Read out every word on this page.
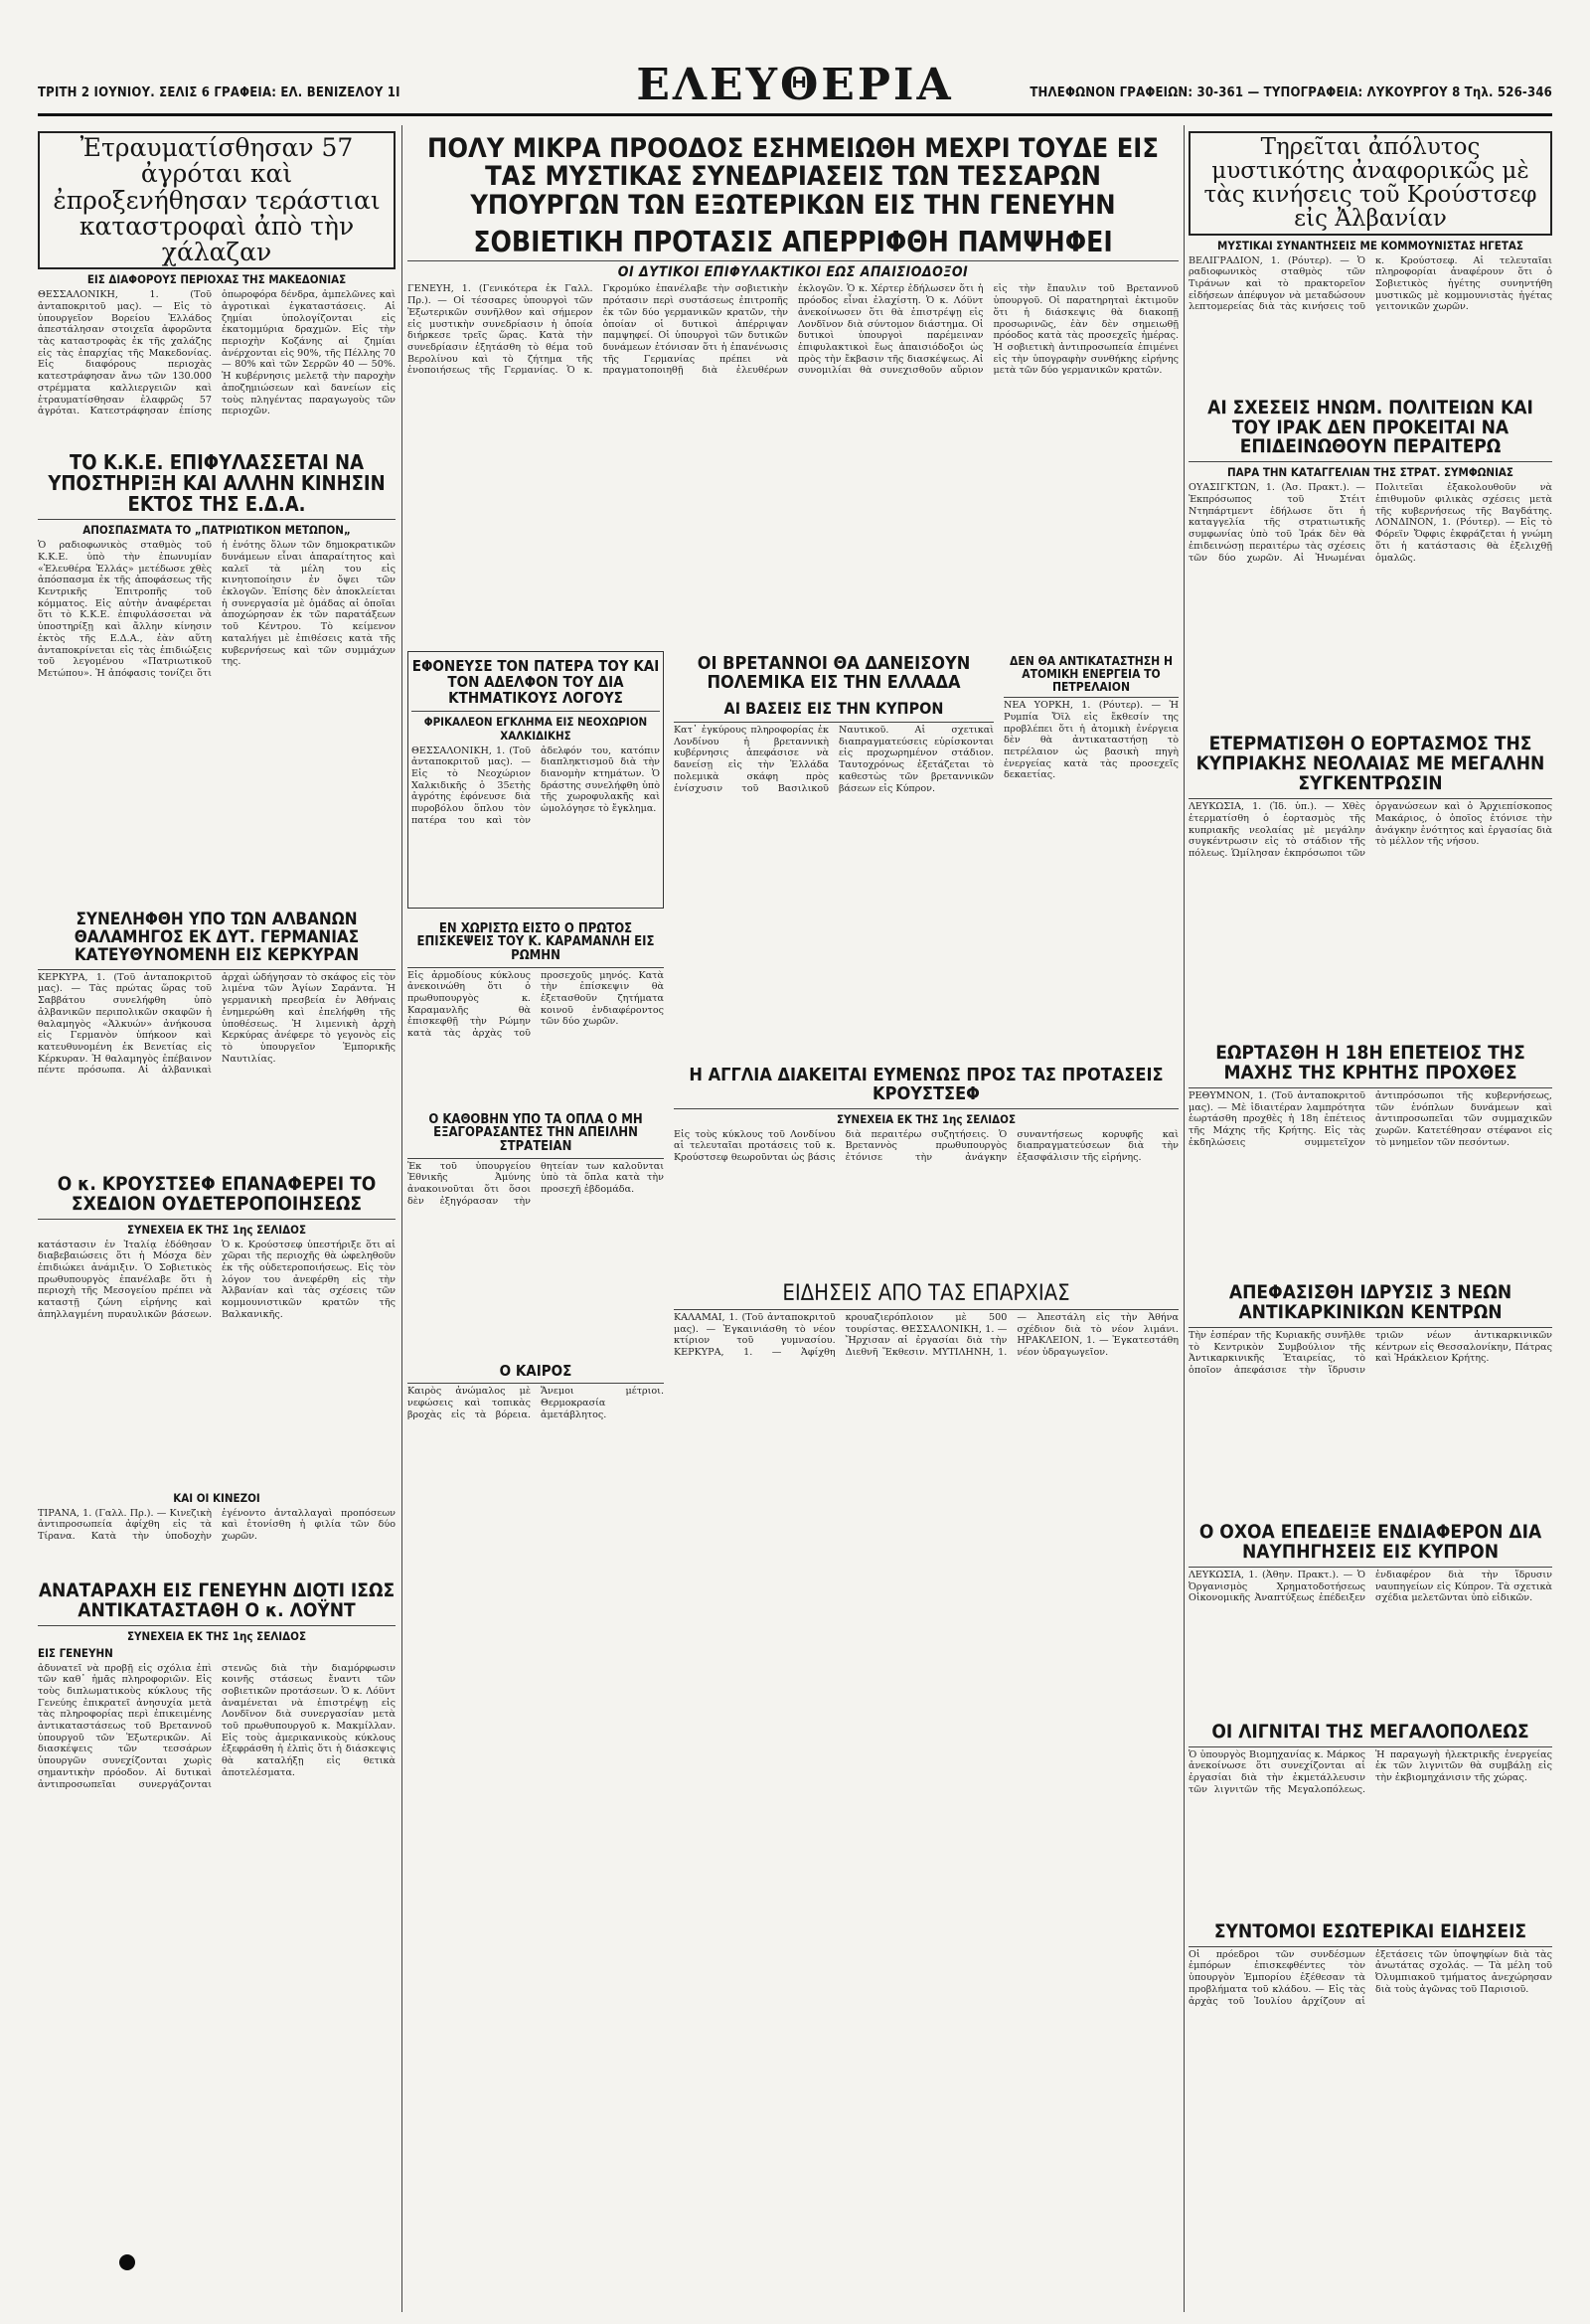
ΤΡΙΤΗ 2 ΙΟΥΝΙΟΥ. ΣΕΛΙΣ 6 ΓΡΑΦΕΙΑ: ΕΛ. ΒΕΝΙΖΕΛΟΥ 1Ι	ΕΛΕΥΘΕΡΙΑ	ΤΗΛΕΦΩΝΟΝ ΓΡΑΦΕΙΩΝ: 30-361 — ΤΥΠΟΓΡΑΦΕΙΑ: ΛΥΚΟΥΡΓΟΥ 8 Τηλ. 526-346
Ἐτραυματίσθησαν 57 ἀγρόται καὶ ἐπροξενήθησαν τεράστιαι καταστροφαὶ ἀπὸ τὴν χάλαζαν
ΕΙΣ ΔΙΑΦΟΡΟΥΣ ΠΕΡΙΟΧΑΣ ΤΗΣ ΜΑΚΕΔΟΝΙΑΣ

ΘΕΣΣΑΛΟΝΙΚΗ, 1. (Τοῦ ἀνταποκριτοῦ μας). — Εἰς τὸ ὑπουργεῖον Βορείου Ἑλλάδος ἀπεστάλησαν στοιχεῖα ἀφορῶντα τὰς καταστροφὰς ἐκ τῆς χαλάζης εἰς τὰς ἐπαρχίας τῆς Μακεδονίας. Εἰς διαφόρους περιοχὰς κατεστράφησαν ἄνω τῶν 130.000 στρέμματα καλλιεργειῶν καὶ ἐτραυματίσθησαν ἐλαφρῶς 57 ἀγρόται. Κατεστράφησαν ἐπίσης ὀπωροφόρα δένδρα, ἀμπελῶνες καὶ ἀγροτικαὶ ἐγκαταστάσεις. Αἱ ζημίαι ὑπολογίζονται εἰς ἑκατομμύρια δραχμῶν. Εἰς τὴν περιοχὴν Κοζάνης αἱ ζημίαι ἀνέρχονται εἰς 90%, τῆς Πέλλης 70 — 80% καὶ τῶν Σερρῶν 40 — 50%. Ἡ κυβέρνησις μελετᾷ τὴν παροχὴν ἀποζημιώσεων καὶ δανείων εἰς τοὺς πληγέντας παραγωγοὺς τῶν περιοχῶν.

ΤΟ Κ.Κ.Ε. ΕΠΙΦΥΛΑΣΣΕΤΑΙ ΝΑ ΥΠΟΣΤΗΡΙΞΗ ΚΑΙ ΑΛΛΗΝ ΚΙΝΗΣΙΝ ΕΚΤΟΣ ΤΗΣ Ε.Δ.Α.
ΑΠΟΣΠΑΣΜΑΤΑ ΤΟ „ΠΑΤΡΙΩΤΙΚΟΝ ΜΕΤΩΠΟΝ„

Ὁ ραδιοφωνικὸς σταθμὸς τοῦ Κ.Κ.Ε. ὑπὸ τὴν ἐπωνυμίαν «Ἐλευθέρα Ἑλλάς» μετέδωσε χθὲς ἀπόσπασμα ἐκ τῆς ἀποφάσεως τῆς Κεντρικῆς Ἐπιτροπῆς τοῦ κόμματος. Εἰς αὐτὴν ἀναφέρεται ὅτι τὸ Κ.Κ.Ε. ἐπιφυλάσσεται νὰ ὑποστηρίξῃ καὶ ἄλλην κίνησιν ἐκτὸς τῆς Ε.Δ.Α., ἐὰν αὕτη ἀνταποκρίνεται εἰς τὰς ἐπιδιώξεις τοῦ λεγομένου «Πατριωτικοῦ Μετώπου». Ἡ ἀπόφασις τονίζει ὅτι ἡ ἑνότης ὅλων τῶν δημοκρατικῶν δυνάμεων εἶναι ἀπαραίτητος καὶ καλεῖ τὰ μέλη του εἰς κινητοποίησιν ἐν ὄψει τῶν ἐκλογῶν. Ἐπίσης δὲν ἀποκλείεται ἡ συνεργασία μὲ ὁμάδας αἱ ὁποῖαι ἀποχώρησαν ἐκ τῶν παρατάξεων τοῦ Κέντρου. Τὸ κείμενον καταλήγει μὲ ἐπιθέσεις κατὰ τῆς κυβερνήσεως καὶ τῶν συμμάχων της.

ΣΥΝΕΛΗΦΘΗ ΥΠΟ ΤΩΝ ΑΛΒΑΝΩΝ ΘΑΛΑΜΗΓΟΣ ΕΚ ΔΥΤ. ΓΕΡΜΑΝΙΑΣ ΚΑΤΕΥΘΥΝΟΜΕΝΗ ΕΙΣ ΚΕΡΚΥΡΑΝ

ΚΕΡΚΥΡΑ, 1. (Τοῦ ἀνταποκριτοῦ μας). — Τὰς πρώτας ὥρας τοῦ Σαββάτου συνελήφθη ὑπὸ ἀλβανικῶν περιπολικῶν σκαφῶν ἡ θαλαμηγὸς «Ἁλκυών» ἀνήκουσα εἰς Γερμανὸν ὑπήκοον καὶ κατευθυνομένη ἐκ Βενετίας εἰς Κέρκυραν. Ἡ θαλαμηγὸς ἐπέβαινον πέντε πρόσωπα. Αἱ ἀλβανικαὶ ἀρχαὶ ὡδήγησαν τὸ σκάφος εἰς τὸν λιμένα τῶν Ἁγίων Σαράντα. Ἡ γερμανικὴ πρεσβεία ἐν Ἀθήναις ἐνημερώθη καὶ ἐπελήφθη τῆς ὑποθέσεως. Ἡ λιμενικὴ ἀρχὴ Κερκύρας ἀνέφερε τὸ γεγονὸς εἰς τὸ ὑπουργεῖον Ἐμπορικῆς Ναυτιλίας.

Ο κ. ΚΡΟΥΣΤΣΕΦ ΕΠΑΝΑΦΕΡΕΙ ΤΟ ΣΧΕΔΙΟΝ ΟΥΔΕΤΕΡΟΠΟΙΗΣΕΩΣ
ΣΥΝΕΧΕΙΑ ΕΚ ΤΗΣ 1ης ΣΕΛΙΔΟΣ

κατάστασιν ἐν Ἰταλίᾳ ἐδόθησαν διαβεβαιώσεις ὅτι ἡ Μόσχα δὲν ἐπιδιώκει ἀνάμιξιν. Ὁ Σοβιετικὸς πρωθυπουργὸς ἐπανέλαβε ὅτι ἡ περιοχὴ τῆς Μεσογείου πρέπει νὰ καταστῇ ζώνη εἰρήνης καὶ ἀπηλλαγμένη πυραυλικῶν βάσεων. Ὁ κ. Κρούστσεφ ὑπεστήριξε ὅτι αἱ χῶραι τῆς περιοχῆς θὰ ὠφεληθοῦν ἐκ τῆς οὐδετεροποιήσεως. Εἰς τὸν λόγον του ἀνεφέρθη εἰς τὴν Ἀλβανίαν καὶ τὰς σχέσεις τῶν κομμουνιστικῶν κρατῶν τῆς Βαλκανικῆς.

ΚΑΙ ΟΙ ΚΙΝΕΖΟΙ

ΤΙΡΑΝΑ, 1. (Γαλλ. Πρ.). — Κινεζικὴ ἀντιπροσωπεία ἀφίχθη εἰς τὰ Τίρανα. Κατὰ τὴν ὑποδοχὴν ἐγένοντο ἀνταλλαγαὶ προπόσεων καὶ ἐτονίσθη ἡ φιλία τῶν δύο χωρῶν.

ΑΝΑΤΑΡΑΧΗ ΕΙΣ ΓΕΝΕΥΗΝ ΔΙΟΤΙ ΙΣΩΣ ΑΝΤΙΚΑΤΑΣΤΑΘΗ Ο κ. ΛΟΫΝΤ
ΣΥΝΕΧΕΙΑ ΕΚ ΤΗΣ 1ης ΣΕΛΙΔΟΣ
ΕΙΣ ΓΕΝΕΥΗΝ

ἀδυνατεῖ νὰ προβῇ εἰς σχόλια ἐπὶ τῶν καθ᾽ ἡμᾶς πληροφοριῶν. Εἰς τοὺς διπλωματικοὺς κύκλους τῆς Γενεύης ἐπικρατεῖ ἀνησυχία μετὰ τὰς πληροφορίας περὶ ἐπικειμένης ἀντικαταστάσεως τοῦ Βρεταννοῦ ὑπουργοῦ τῶν Ἐξωτερικῶν. Αἱ διασκέψεις τῶν τεσσάρων ὑπουργῶν συνεχίζονται χωρὶς σημαντικὴν πρόοδον. Αἱ δυτικαὶ ἀντιπροσωπεῖαι συνεργάζονται στενῶς διὰ τὴν διαμόρφωσιν κοινῆς στάσεως ἔναντι τῶν σοβιετικῶν προτάσεων. Ὁ κ. Λόϋντ ἀναμένεται νὰ ἐπιστρέψῃ εἰς Λονδῖνον διὰ συνεργασίαν μετὰ τοῦ πρωθυπουργοῦ κ. Μακμίλλαν. Εἰς τοὺς ἀμερικανικοὺς κύκλους ἐξεφράσθη ἡ ἐλπὶς ὅτι ἡ διάσκεψις θὰ καταλήξῃ εἰς θετικὰ ἀποτελέσματα.

ΠΟΛΥ ΜΙΚΡΑ ΠΡΟΟΔΟΣ ΕΣΗΜΕΙΩΘΗ ΜΕΧΡΙ ΤΟΥΔΕ ΕΙΣ ΤΑΣ ΜΥΣΤΙΚΑΣ ΣΥΝΕΔΡΙΑΣΕΙΣ ΤΩΝ ΤΕΣΣΑΡΩΝ ΥΠΟΥΡΓΩΝ ΤΩΝ ΕΞΩΤΕΡΙΚΩΝ ΕΙΣ ΤΗΝ ΓΕΝΕΥΗΝ
ΣΟΒΙΕΤΙΚΗ ΠΡΟΤΑΣΙΣ ΑΠΕΡΡΙΦΘΗ ΠΑΜΨΗΦΕΙ
ΟΙ ΔΥΤΙΚΟΙ ΕΠΙΦΥΛΑΚΤΙΚΟΙ ΕΩΣ ΑΠΑΙΣΙΟΔΟΞΟΙ

ΓΕΝΕΥΗ, 1. (Γενικότερα ἐκ Γαλλ. Πρ.). — Οἱ τέσσαρες ὑπουργοὶ τῶν Ἐξωτερικῶν συνῆλθον καὶ σήμερον εἰς μυστικὴν συνεδρίασιν ἡ ὁποία διήρκεσε τρεῖς ὥρας. Κατὰ τὴν συνεδρίασιν ἐξητάσθη τὸ θέμα τοῦ Βερολίνου καὶ τὸ ζήτημα τῆς ἑνοποιήσεως τῆς Γερμανίας. Ὁ κ. Γκρομύκο ἐπανέλαβε τὴν σοβιετικὴν πρότασιν περὶ συστάσεως ἐπιτροπῆς ἐκ τῶν δύο γερμανικῶν κρατῶν, τὴν ὁποίαν οἱ δυτικοὶ ἀπέρριψαν παμψηφεί. Οἱ ὑπουργοὶ τῶν δυτικῶν δυνάμεων ἐτόνισαν ὅτι ἡ ἐπανένωσις τῆς Γερμανίας πρέπει νὰ πραγματοποιηθῇ διὰ ἐλευθέρων ἐκλογῶν. Ὁ κ. Χέρτερ ἐδήλωσεν ὅτι ἡ πρόοδος εἶναι ἐλαχίστη. Ὁ κ. Λόϋντ ἀνεκοίνωσεν ὅτι θὰ ἐπιστρέψῃ εἰς Λονδῖνον διὰ σύντομον διάστημα. Οἱ δυτικοὶ ὑπουργοὶ παρέμειναν ἐπιφυλακτικοὶ ἕως ἀπαισιόδοξοι ὡς πρὸς τὴν ἔκβασιν τῆς διασκέψεως. Αἱ συνομιλίαι θὰ συνεχισθοῦν αὔριον εἰς τὴν ἔπαυλιν τοῦ Βρεταννοῦ ὑπουργοῦ. Οἱ παρατηρηταὶ ἐκτιμοῦν ὅτι ἡ διάσκεψις θὰ διακοπῇ προσωρινῶς, ἐὰν δὲν σημειωθῇ πρόοδος κατὰ τὰς προσεχεῖς ἡμέρας. Ἡ σοβιετικὴ ἀντιπροσωπεία ἐπιμένει εἰς τὴν ὑπογραφὴν συνθήκης εἰρήνης μετὰ τῶν δύο γερμανικῶν κρατῶν.

ΕΦΟΝΕΥΣΕ ΤΟΝ ΠΑΤΕΡΑ ΤΟΥ ΚΑΙ ΤΟΝ ΑΔΕΛΦΟΝ ΤΟΥ ΔΙΑ ΚΤΗΜΑΤΙΚΟΥΣ ΛΟΓΟΥΣ
ΦΡΙΚΑΛΕΟΝ ΕΓΚΛΗΜΑ ΕΙΣ ΝΕΟΧΩΡΙΟΝ ΧΑΛΚΙΔΙΚΗΣ

ΘΕΣΣΑΛΟΝΙΚΗ, 1. (Τοῦ ἀνταποκριτοῦ μας). — Εἰς τὸ Νεοχώριον Χαλκιδικῆς ὁ 35ετὴς ἀγρότης ἐφόνευσε διὰ πυροβόλου ὅπλου τὸν πατέρα του καὶ τὸν ἀδελφόν του, κατόπιν διαπληκτισμοῦ διὰ τὴν διανομὴν κτημάτων. Ὁ δράστης συνελήφθη ὑπὸ τῆς χωροφυλακῆς καὶ ὡμολόγησε τὸ ἔγκλημα.

ΕΝ ΧΩΡΙΣΤΩ ΕΙΣΤΟ Ο ΠΡΩΤΟΣ ΕΠΙΣΚΕΨΕΙΣ ΤΟΥ Κ. ΚΑΡΑΜΑΝΛΗ ΕΙΣ ΡΩΜΗΝ

Εἰς ἁρμοδίους κύκλους ἀνεκοινώθη ὅτι ὁ πρωθυπουργὸς κ. Καραμανλῆς θὰ ἐπισκεφθῇ τὴν Ρώμην κατὰ τὰς ἀρχὰς τοῦ προσεχοῦς μηνός. Κατὰ τὴν ἐπίσκεψιν θὰ ἐξετασθοῦν ζητήματα κοινοῦ ἐνδιαφέροντος τῶν δύο χωρῶν.

Ο ΚΑΘΟΒΗΝ ΥΠΟ ΤΑ ΟΠΛΑ Ο ΜΗ ΕΞΑΓΟΡΑΣΑΝΤΕΣ ΤΗΝ ΑΠΕΙΛΗΝ ΣΤΡΑΤΕΙΑΝ

Ἐκ τοῦ ὑπουργείου Ἐθνικῆς Ἀμύνης ἀνακοινοῦται ὅτι ὅσοι δὲν ἐξηγόρασαν τὴν θητείαν των καλοῦνται ὑπὸ τὰ ὅπλα κατὰ τὴν προσεχῆ ἑβδομάδα.

Ο ΚΑΙΡΟΣ

Καιρὸς ἀνώμαλος μὲ νεφώσεις καὶ τοπικὰς βροχὰς εἰς τὰ βόρεια. Ἄνεμοι μέτριοι. Θερμοκρασία ἀμετάβλητος.

ΟΙ ΒΡΕΤΑΝΝΟΙ ΘΑ ΔΑΝΕΙΣΟΥΝ ΠΟΛΕΜΙΚΑ ΕΙΣ ΤΗΝ ΕΛΛΑΔΑ
ΑΙ ΒΑΣΕΙΣ ΕΙΣ ΤΗΝ ΚΥΠΡΟΝ

Κατ᾽ ἐγκύρους πληροφορίας ἐκ Λονδίνου ἡ βρεταννικὴ κυβέρνησις ἀπεφάσισε νὰ δανείσῃ εἰς τὴν Ἑλλάδα πολεμικὰ σκάφη πρὸς ἐνίσχυσιν τοῦ Βασιλικοῦ Ναυτικοῦ. Αἱ σχετικαὶ διαπραγματεύσεις εὑρίσκονται εἰς προχωρημένον στάδιον. Ταυτοχρόνως ἐξετάζεται τὸ καθεστὼς τῶν βρεταννικῶν βάσεων εἰς Κύπρον.

ΔΕΝ ΘΑ ΑΝΤΙΚΑΤΑΣΤΗΣΗ Η ΑΤΟΜΙΚΗ ΕΝΕΡΓΕΙΑ ΤΟ ΠΕΤΡΕΛΑΙΟΝ

ΝΕΑ ΥΟΡΚΗ, 1. (Ρόυτερ). — Ἡ Ρυμπία Ὄϊλ εἰς ἔκθεσίν της προβλέπει ὅτι ἡ ἀτομικὴ ἐνέργεια δὲν θὰ ἀντικαταστήσῃ τὸ πετρέλαιον ὡς βασικὴ πηγὴ ἐνεργείας κατὰ τὰς προσεχεῖς δεκαετίας.

Η ΑΓΓΛΙΑ ΔΙΑΚΕΙΤΑΙ ΕΥΜΕΝΩΣ ΠΡΟΣ ΤΑΣ ΠΡΟΤΑΣΕΙΣ ΚΡΟΥΣΤΣΕΦ
ΣΥΝΕΧΕΙΑ ΕΚ ΤΗΣ 1ης ΣΕΛΙΔΟΣ

Εἰς τοὺς κύκλους τοῦ Λονδίνου αἱ τελευταῖαι προτάσεις τοῦ κ. Κρούστσεφ θεωροῦνται ὡς βάσις διὰ περαιτέρω συζητήσεις. Ὁ Βρεταννὸς πρωθυπουργὸς ἐτόνισε τὴν ἀνάγκην συναντήσεως κορυφῆς καὶ διαπραγματεύσεων διὰ τὴν ἐξασφάλισιν τῆς εἰρήνης.

ΕΙΔΗΣΕΙΣ ΑΠΟ ΤΑΣ ΕΠΑΡΧΙΑΣ

ΚΑΛΑΜΑΙ, 1. (Τοῦ ἀνταποκριτοῦ μας). — Ἐγκαινιάσθη τὸ νέον κτίριον τοῦ γυμνασίου. ΚΕΡΚΥΡΑ, 1. — Ἀφίχθη κρουαζιερόπλοιον μὲ 500 τουρίστας. ΘΕΣΣΑΛΟΝΙΚΗ, 1. — Ἤρχισαν αἱ ἐργασίαι διὰ τὴν Διεθνῆ Ἔκθεσιν. ΜΥΤΙΛΗΝΗ, 1. — Ἀπεστάλη εἰς τὴν Ἀθήνα σχέδιον διὰ τὸ νέον λιμάνι. ΗΡΑΚΛΕΙΟΝ, 1. — Ἐγκατεστάθη νέον ὑδραγωγεῖον.

Τηρεῖται ἀπόλυτος μυστικότης ἀναφορικῶς μὲ τὰς κινήσεις τοῦ Κρούστσεφ εἰς Ἀλβανίαν
ΜΥΣΤΙΚΑΙ ΣΥΝΑΝΤΗΣΕΙΣ ΜΕ ΚΟΜΜΟΥΝΙΣΤΑΣ ΗΓΕΤΑΣ

ΒΕΛΙΓΡΑΔΙΟΝ, 1. (Ρόυτερ). — Ὁ ραδιοφωνικὸς σταθμὸς τῶν Τιράνων καὶ τὸ πρακτορεῖον εἰδήσεων ἀπέφυγον νὰ μεταδώσουν λεπτομερείας διὰ τὰς κινήσεις τοῦ κ. Κρούστσεφ. Αἱ τελευταῖαι πληροφορίαι ἀναφέρουν ὅτι ὁ Σοβιετικὸς ἡγέτης συνηντήθη μυστικῶς μὲ κομμουνιστὰς ἡγέτας γειτονικῶν χωρῶν.

ΑΙ ΣΧΕΣΕΙΣ ΗΝΩΜ. ΠΟΛΙΤΕΙΩΝ ΚΑΙ ΤΟΥ ΙΡΑΚ ΔΕΝ ΠΡΟΚΕΙΤΑΙ ΝΑ ΕΠΙΔΕΙΝΩΘΟΥΝ ΠΕΡΑΙΤΕΡΩ
ΠΑΡΑ ΤΗΝ ΚΑΤΑΓΓΕΛΙΑΝ ΤΗΣ ΣΤΡΑΤ. ΣΥΜΦΩΝΙΑΣ

ΟΥΑΣΙΓΚΤΩΝ, 1. (Ἀσ. Πρακτ.). — Ἐκπρόσωπος τοῦ Στέιτ Ντηπάρτμεντ ἐδήλωσε ὅτι ἡ καταγγελία τῆς στρατιωτικῆς συμφωνίας ὑπὸ τοῦ Ἰράκ δὲν θὰ ἐπιδεινώσῃ περαιτέρω τὰς σχέσεις τῶν δύο χωρῶν. Αἱ Ἡνωμέναι Πολιτεῖαι ἐξακολουθοῦν νὰ ἐπιθυμοῦν φιλικὰς σχέσεις μετὰ τῆς κυβερνήσεως τῆς Βαγδάτης. ΛΟΝΔΙΝΟΝ, 1. (Ρόυτερ). — Εἰς τὸ Φόρεϊν Ὄφφις ἐκφράζεται ἡ γνώμη ὅτι ἡ κατάστασις θὰ ἐξελιχθῇ ὁμαλῶς.

ΕΤΕΡΜΑΤΙΣΘΗ Ο ΕΟΡΤΑΣΜΟΣ ΤΗΣ ΚΥΠΡΙΑΚΗΣ ΝΕΟΛΑΙΑΣ ΜΕ ΜΕΓΑΛΗΝ ΣΥΓΚΕΝΤΡΩΣΙΝ

ΛΕΥΚΩΣΙΑ, 1. (Ἰδ. ὑπ.). — Χθὲς ἐτερματίσθη ὁ ἑορτασμὸς τῆς κυπριακῆς νεολαίας μὲ μεγάλην συγκέντρωσιν εἰς τὸ στάδιον τῆς πόλεως. Ὡμίλησαν ἐκπρόσωποι τῶν ὀργανώσεων καὶ ὁ Ἀρχιεπίσκοπος Μακάριος, ὁ ὁποῖος ἐτόνισε τὴν ἀνάγκην ἑνότητος καὶ ἐργασίας διὰ τὸ μέλλον τῆς νήσου.

ΕΩΡΤΑΣΘΗ Η 18Η ΕΠΕΤΕΙΟΣ ΤΗΣ ΜΑΧΗΣ ΤΗΣ ΚΡΗΤΗΣ ΠΡΟΧΘΕΣ

ΡΕΘΥΜΝΟΝ, 1. (Τοῦ ἀνταποκριτοῦ μας). — Μὲ ἰδιαιτέραν λαμπρότητα ἑωρτάσθη προχθὲς ἡ 18η ἐπέτειος τῆς Μάχης τῆς Κρήτης. Εἰς τὰς ἐκδηλώσεις συμμετεῖχον ἀντιπρόσωποι τῆς κυβερνήσεως, τῶν ἐνόπλων δυνάμεων καὶ ἀντιπροσωπεῖαι τῶν συμμαχικῶν χωρῶν. Κατετέθησαν στέφανοι εἰς τὸ μνημεῖον τῶν πεσόντων.

ΑΠΕΦΑΣΙΣΘΗ ΙΔΡΥΣΙΣ 3 ΝΕΩΝ ΑΝΤΙΚΑΡΚΙΝΙΚΩΝ ΚΕΝΤΡΩΝ

Τὴν ἑσπέραν τῆς Κυριακῆς συνῆλθε τὸ Κεντρικὸν Συμβούλιον τῆς Ἀντικαρκινικῆς Ἑταιρείας, τὸ ὁποῖον ἀπεφάσισε τὴν ἵδρυσιν τριῶν νέων ἀντικαρκινικῶν κέντρων εἰς Θεσσαλονίκην, Πάτρας καὶ Ἡράκλειον Κρήτης.

Ο ΟΧΟΑ ΕΠΕΔΕΙΞΕ ΕΝΔΙΑΦΕΡΟΝ ΔΙΑ ΝΑΥΠΗΓΗΣΕΙΣ ΕΙΣ ΚΥΠΡΟΝ

ΛΕΥΚΩΣΙΑ, 1. (Ἀθην. Πρακτ.). — Ὁ Ὀργανισμὸς Χρηματοδοτήσεως Οἰκονομικῆς Ἀναπτύξεως ἐπέδειξεν ἐνδιαφέρον διὰ τὴν ἵδρυσιν ναυπηγείων εἰς Κύπρον. Τὰ σχετικὰ σχέδια μελετῶνται ὑπὸ εἰδικῶν.

ΟΙ ΛΙΓΝΙΤΑΙ ΤΗΣ ΜΕΓΑΛΟΠΟΛΕΩΣ

Ὁ ὑπουργὸς Βιομηχανίας κ. Μάρκος ἀνεκοίνωσε ὅτι συνεχίζονται αἱ ἐργασίαι διὰ τὴν ἐκμετάλλευσιν τῶν λιγνιτῶν τῆς Μεγαλοπόλεως. Ἡ παραγωγὴ ἠλεκτρικῆς ἐνεργείας ἐκ τῶν λιγνιτῶν θὰ συμβάλῃ εἰς τὴν ἐκβιομηχάνισιν τῆς χώρας.

ΣΥΝΤΟΜΟΙ ΕΣΩΤΕΡΙΚΑΙ ΕΙΔΗΣΕΙΣ

Οἱ πρόεδροι τῶν συνδέσμων ἐμπόρων ἐπισκεφθέντες τὸν ὑπουργὸν Ἐμπορίου ἐξέθεσαν τὰ προβλήματα τοῦ κλάδου. — Εἰς τὰς ἀρχὰς τοῦ Ἰουλίου ἀρχίζουν αἱ ἐξετάσεις τῶν ὑποψηφίων διὰ τὰς ἀνωτάτας σχολάς. — Τὰ μέλη τοῦ Ὀλυμπιακοῦ τμήματος ἀνεχώρησαν διὰ τοὺς ἀγῶνας τοῦ Παρισιοῦ.
